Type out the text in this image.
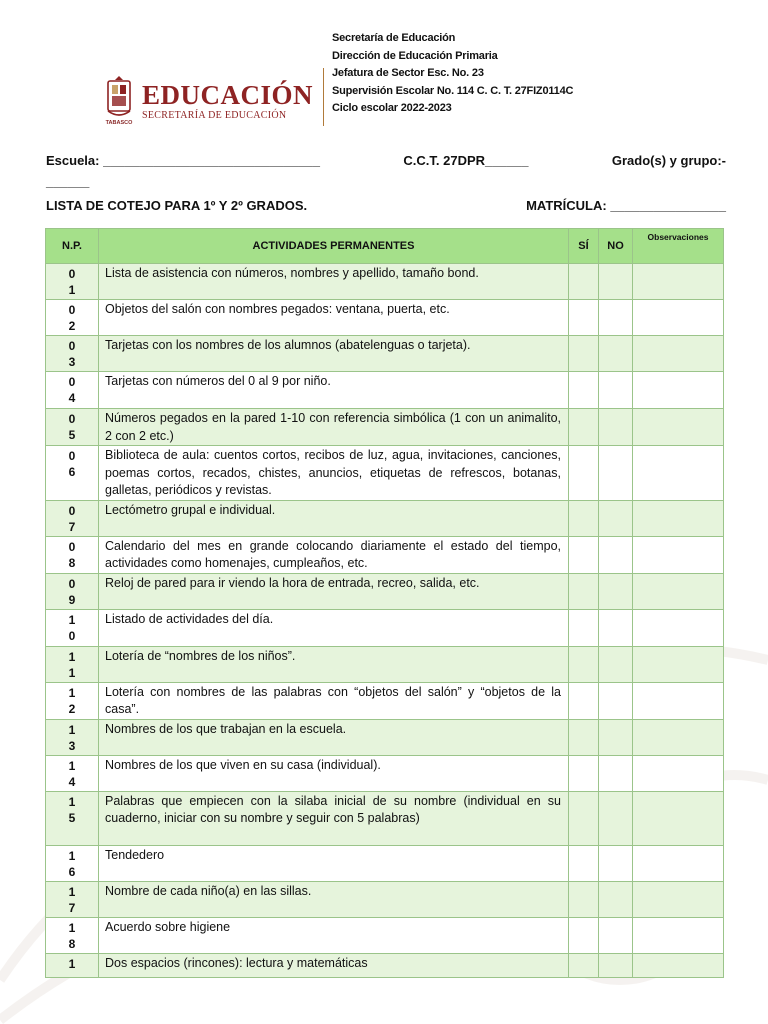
TABASCO
EDUCACIÓN
SECRETARÍA DE EDUCACIÓN
Secretaría de Educación
Dirección de Educación Primaria
Jefatura de Sector Esc. No. 23
Supervisión Escolar No. 114 C. C. T. 27FIZ0114C
Ciclo escolar 2022-2023
Escuela: ______________________________	C.C.T. 27DPR______	Grado(s) y grupo:-
______
LISTA DE COTEJO PARA 1º Y 2º GRADOS.	MATRÍCULA: ________________
N.P.	ACTIVIDADES PERMANENTES	SÍ	NO	Observaciones

01	Lista de asistencia con números, nombres y apellido, tamaño bond.			

02	Objetos del salón con nombres pegados: ventana, puerta, etc.			

03	Tarjetas con los nombres de los alumnos (abatelenguas o tarjeta).			

04	Tarjetas con números del 0 al 9 por niño.			

05	Números pegados en la pared 1-10 con referencia simbólica (1 con un animalito, 2 con 2 etc.)			

06	Biblioteca de aula: cuentos cortos, recibos de luz, agua, invitaciones, canciones, poemas cortos, recados, chistes, anuncios, etiquetas de refrescos, botanas, galletas, periódicos y revistas.			

07	Lectómetro grupal e individual.			

08	Calendario del mes en grande colocando diariamente el estado del tiempo, actividades como homenajes, cumpleaños, etc.			

09	Reloj de pared para ir viendo la hora de entrada, recreo, salida, etc.			

10	Listado de actividades del día.			

11	Lotería de “nombres de los niños”.			

12	Lotería con nombres de las palabras con “objetos del salón” y “objetos de la casa”.			

13	Nombres de los que trabajan en la escuela.			

14	Nombres de los que viven en su casa (individual).			

15	Palabras que empiecen con la silaba inicial de su nombre (individual en su cuaderno, iniciar con su nombre y seguir con 5 palabras)			

16	Tendedero			

17	Nombre de cada niño(a) en las sillas.			

18	Acuerdo sobre higiene			

1	Dos espacios (rincones): lectura y matemáticas			
